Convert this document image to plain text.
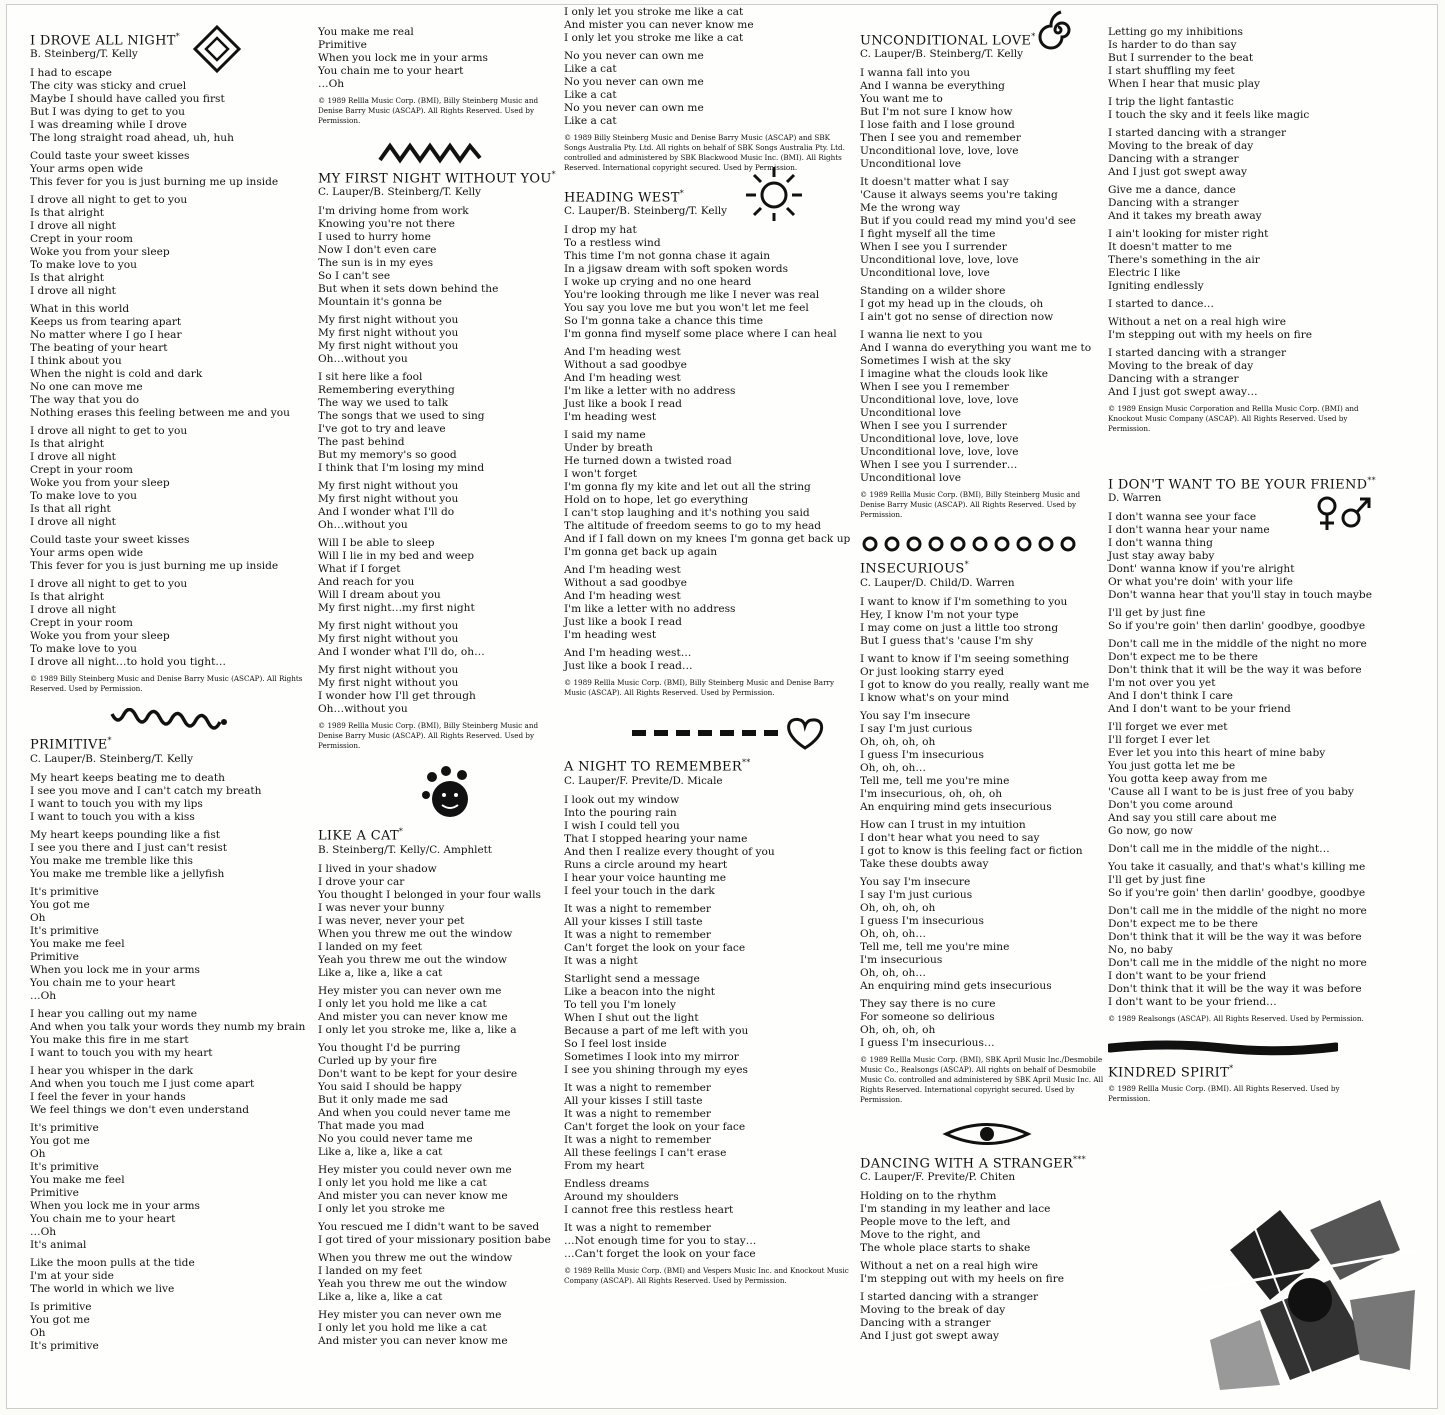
I DROVE ALL NIGHT*
B. Steinberg/T. Kelly
I had to escape
The city was sticky and cruel
Maybe I should have called you first
But I was dying to get to you
I was dreaming while I drove
The long straight road ahead, uh, huh
Could taste your sweet kisses
Your arms open wide
This fever for you is just burning me up inside
I drove all night to get to you
Is that alright
I drove all night
Crept in your room
Woke you from your sleep
To make love to you
Is that alright
I drove all night
What in this world
Keeps us from tearing apart
No matter where I go I hear
The beating of your heart
I think about you
When the night is cold and dark
No one can move me
The way that you do
Nothing erases this feeling between me and you
I drove all night to get to you
Is that alright
I drove all night
Crept in your room
Woke you from your sleep
To make love to you
Is that all right
I drove all night
Could taste your sweet kisses
Your arms open wide
This fever for you is just burning me up inside
I drove all night to get to you
Is that alright
I drove all night
Crept in your room
Woke you from your sleep
To make love to you
I drove all night…to hold you tight…
© 1989 Billy Steinberg Music and Denise Barry Music (ASCAP). All Rights Reserved. Used by Permission.
PRIMITIVE*
C. Lauper/B. Steinberg/T. Kelly
My heart keeps beating me to death
I see you move and I can't catch my breath
I want to touch you with my lips
I want to touch you with a kiss
My heart keeps pounding like a fist
I see you there and I just can't resist
You make me tremble like this
You make me tremble like a jellyfish
It's primitive
You got me
Oh
It's primitive
You make me feel
Primitive
When you lock me in your arms
You chain me to your heart
…Oh
I hear you calling out my name
And when you talk your words they numb my brain
You make this fire in me start
I want to touch you with my heart
I hear you whisper in the dark
And when you touch me I just come apart
I feel the fever in your hands
We feel things we don't even understand
It's primitive
You got me
Oh
It's primitive
You make me feel
Primitive
When you lock me in your arms
You chain me to your heart
…Oh
It's animal
Like the moon pulls at the tide
I'm at your side
The world in which we live
Is primitive
You got me
Oh
It's primitive
You make me real
Primitive
When you lock me in your arms
You chain me to your heart
…Oh
© 1989 Rellla Music Corp. (BMI), Billy Steinberg Music and Denise Barry Music (ASCAP). All Rights Reserved. Used by Permission.
MY FIRST NIGHT WITHOUT YOU*
C. Lauper/B. Steinberg/T. Kelly
I'm driving home from work
Knowing you're not there
I used to hurry home
Now I don't even care
The sun is in my eyes
So I can't see
But when it sets down behind the
Mountain it's gonna be
My first night without you
My first night without you
My first night without you
Oh…without you
I sit here like a fool
Remembering everything
The way we used to talk
The songs that we used to sing
I've got to try and leave
The past behind
But my memory's so good
I think that I'm losing my mind
My first night without you
My first night without you
And I wonder what I'll do
Oh…without you
Will I be able to sleep
Will I lie in my bed and weep
What if I forget
And reach for you
Will I dream about you
My first night…my first night
My first night without you
My first night without you
And I wonder what I'll do, oh…
My first night without you
My first night without you
I wonder how I'll get through
Oh…without you
© 1989 Rellla Music Corp. (BMI), Billy Steinberg Music and Denise Barry Music (ASCAP). All Rights Reserved. Used by Permission.
LIKE A CAT*
B. Steinberg/T. Kelly/C. Amphlett
I lived in your shadow
I drove your car
You thought I belonged in your four walls
I was never your bunny
I was never, never your pet
When you threw me out the window
I landed on my feet
Yeah you threw me out the window
Like a, like a, like a cat
Hey mister you can never own me
I only let you hold me like a cat
And mister you can never know me
I only let you stroke me, like a, like a
You thought I'd be purring
Curled up by your fire
Don't want to be kept for your desire
You said I should be happy
But it only made me sad
And when you could never tame me
That made you mad
No you could never tame me
Like a, like a, like a cat
Hey mister you could never own me
I only let you hold me like a cat
And mister you can never know me
I only let you stroke me
You rescued me I didn't want to be saved
I got tired of your missionary position babe
When you threw me out the window
I landed on my feet
Yeah you threw me out the window
Like a, like a, like a cat
Hey mister you can never own me
I only let you hold me like a cat
And mister you can never know me
I only let you stroke me like a cat
And mister you can never know me
I only let you stroke me like a cat
No you never can own me
Like a cat
No you never can own me
Like a cat
No you never can own me
Like a cat
© 1989 Billy Steinberg Music and Denise Barry Music (ASCAP) and SBK Songs Australia Pty. Ltd. All rights on behalf of SBK Songs Australia Pty. Ltd. controlled and administered by SBK Blackwood Music Inc. (BMI). All Rights Reserved. International copyright secured. Used by Permission.
HEADING WEST*
C. Lauper/B. Steinberg/T. Kelly
I drop my hat
To a restless wind
This time I'm not gonna chase it again
In a jigsaw dream with soft spoken words
I woke up crying and no one heard
You're looking through me like I never was real
You say you love me but you won't let me feel
So I'm gonna take a chance this time
I'm gonna find myself some place where I can heal
And I'm heading west
Without a sad goodbye
And I'm heading west
I'm like a letter with no address
Just like a book I read
I'm heading west
I said my name
Under by breath
He turned down a twisted road
I won't forget
I'm gonna fly my kite and let out all the string
Hold on to hope, let go everything
I can't stop laughing and it's nothing you said
The altitude of freedom seems to go to my head
And if I fall down on my knees I'm gonna get back up
I'm gonna get back up again
And I'm heading west
Without a sad goodbye
And I'm heading west
I'm like a letter with no address
Just like a book I read
I'm heading west
And I'm heading west…
Just like a book I read…
© 1989 Rellla Music Corp. (BMI), Billy Steinberg Music and Denise Barry Music (ASCAP). All Rights Reserved. Used by Permission.
A NIGHT TO REMEMBER**
C. Lauper/F. Previte/D. Micale
I look out my window
Into the pouring rain
I wish I could tell you
That I stopped hearing your name
And then I realize every thought of you
Runs a circle around my heart
I hear your voice haunting me
I feel your touch in the dark
It was a night to remember
All your kisses I still taste
It was a night to remember
Can't forget the look on your face
It was a night
Starlight send a message
Like a beacon into the night
To tell you I'm lonely
When I shut out the light
Because a part of me left with you
So I feel lost inside
Sometimes I look into my mirror
I see you shining through my eyes
It was a night to remember
All your kisses I still taste
It was a night to remember
Can't forget the look on your face
It was a night to remember
All these feelings I can't erase
From my heart
Endless dreams
Around my shoulders
I cannot free this restless heart
It was a night to remember
…Not enough time for you to stay…
…Can't forget the look on your face
© 1989 Rellla Music Corp. (BMI) and Vespers Music Inc. and Knockout Music Company (ASCAP). All Rights Reserved. Used by Permission.
UNCONDITIONAL LOVE*
C. Lauper/B. Steinberg/T. Kelly
I wanna fall into you
And I wanna be everything
You want me to
But I'm not sure I know how
I lose faith and I lose ground
Then I see you and remember
Unconditional love, love, love
Unconditional love
It doesn't matter what I say
'Cause it always seems you're taking
Me the wrong way
But if you could read my mind you'd see
I fight myself all the time
When I see you I surrender
Unconditional love, love, love
Unconditional love, love
Standing on a wilder shore
I got my head up in the clouds, oh
I ain't got no sense of direction now
I wanna lie next to you
And I wanna do everything you want me to
Sometimes I wish at the sky
I imagine what the clouds look like
When I see you I remember
Unconditional love, love, love
Unconditional love
When I see you I surrender
Unconditional love, love, love
Unconditional love, love, love
When I see you I surrender…
Unconditional love
© 1989 Rellla Music Corp. (BMI), Billy Steinberg Music and Denise Barry Music (ASCAP). All Rights Reserved. Used by Permission.
INSECURIOUS*
C. Lauper/D. Child/D. Warren
I want to know if I'm something to you
Hey, I know I'm not your type
I may come on just a little too strong
But I guess that's 'cause I'm shy
I want to know if I'm seeing something
Or just looking starry eyed
I got to know do you really, really want me
I know what's on your mind
You say I'm insecure
I say I'm just curious
Oh, oh, oh, oh
I guess I'm insecurious
Oh, oh, oh…
Tell me, tell me you're mine
I'm insecurious, oh, oh, oh
An enquiring mind gets insecurious
How can I trust in my intuition
I don't hear what you need to say
I got to know is this feeling fact or fiction
Take these doubts away
You say I'm insecure
I say I'm just curious
Oh, oh, oh, oh
I guess I'm insecurious
Oh, oh, oh…
Tell me, tell me you're mine
I'm insecurious
Oh, oh, oh…
An enquiring mind gets insecurious
They say there is no cure
For someone so delirious
Oh, oh, oh, oh
I guess I'm insecurious…
© 1989 Rellla Music Corp. (BMI), SBK April Music Inc./Desmobile Music Co., Realsongs (ASCAP). All rights on behalf of Desmobile Music Co. controlled and administered by SBK April Music Inc. All Rights Reserved. International copyright secured. Used by Permission.
DANCING WITH A STRANGER***
C. Lauper/F. Previte/P. Chiten
Holding on to the rhythm
I'm standing in my leather and lace
People move to the left, and
Move to the right, and
The whole place starts to shake
Without a net on a real high wire
I'm stepping out with my heels on fire
I started dancing with a stranger
Moving to the break of day
Dancing with a stranger
And I just got swept away
Letting go my inhibitions
Is harder to do than say
But I surrender to the beat
I start shuffling my feet
When I hear that music play
I trip the light fantastic
I touch the sky and it feels like magic
I started dancing with a stranger
Moving to the break of day
Dancing with a stranger
And I just got swept away
Give me a dance, dance
Dancing with a stranger
And it takes my breath away
I ain't looking for mister right
It doesn't matter to me
There's something in the air
Electric I like
Igniting endlessly
I started to dance…
Without a net on a real high wire
I'm stepping out with my heels on fire
I started dancing with a stranger
Moving to the break of day
Dancing with a stranger
And I just got swept away…
© 1989 Ensign Music Corporation and Rellla Music Corp. (BMI) and Knockout Music Company (ASCAP). All Rights Reserved. Used by Permission.
I DON'T WANT TO BE YOUR FRIEND**
D. Warren
I don't wanna see your face
I don't wanna hear your name
I don't wanna thing
Just stay away baby
Dont' wanna know if you're alright
Or what you're doin' with your life
Don't wanna hear that you'll stay in touch maybe
I'll get by just fine
So if you're goin' then darlin' goodbye, goodbye
Don't call me in the middle of the night no more
Don't expect me to be there
Don't think that it will be the way it was before
I'm not over you yet
And I don't think I care
And I don't want to be your friend
I'll forget we ever met
I'll forget I ever let
Ever let you into this heart of mine baby
You just gotta let me be
You gotta keep away from me
'Cause all I want to be is just free of you baby
Don't you come around
And say you still care about me
Go now, go now
Don't call me in the middle of the night…
You take it casually, and that's what's killing me
I'll get by just fine
So if you're goin' then darlin' goodbye, goodbye
Don't call me in the middle of the night no more
Don't expect me to be there
Don't think that it will be the way it was before
No, no baby
Don't call me in the middle of the night no more
I don't want to be your friend
Don't think that it will be the way it was before
I don't want to be your friend…
© 1989 Realsongs (ASCAP). All Rights Reserved. Used by Permission.
KINDRED SPIRIT*
© 1989 Rellla Music Corp. (BMI). All Rights Reserved. Used by Permission.
